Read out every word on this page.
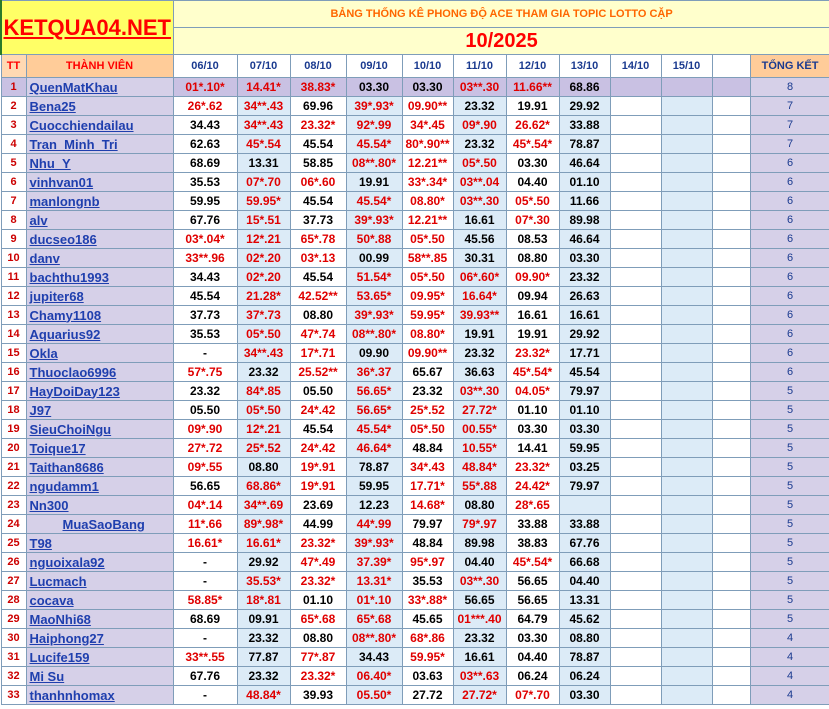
KETQUA04.NET		BẢNG THỐNG KÊ PHONG ĐỘ ACE THAM GIA TOPIC LOTTO CẶP											
		10/2025											
TT	THÀNH VIÊN	06/10	07/10	08/10	09/10	10/10	11/10	12/10	13/10	14/10	15/10		TỔNG KẾT
1	QuenMatKhau	01*.10*	14.41*	38.83*	03.30	03.30	03**.30	11.66**	68.86				8
2	Bena25	26*.62	34**.43	69.96	39*.93*	09.90**	23.32	19.91	29.92				7
3	Cuocchiendailau	34.43	34**.43	23.32*	92*.99	34*.45	09*.90	26.62*	33.88				7
4	Tran_Minh_Tri	62.63	45*.54	45.54	45.54*	80*.90**	23.32	45*.54*	78.87				7
5	Nhu_Y	68.69	13.31	58.85	08**.80*	12.21**	05*.50	03.30	46.64				6
6	vinhvan01	35.53	07*.70	06*.60	19.91	33*.34*	03**.04	04.40	01.10				6
7	manlongnb	59.95	59.95*	45.54	45.54*	08.80*	03**.30	05*.50	11.66				6
8	alv	67.76	15*.51	37.73	39*.93*	12.21**	16.61	07*.30	89.98				6
9	ducseo186	03*.04*	12*.21	65*.78	50*.88	05*.50	45.56	08.53	46.64				6
10	danv	33**.96	02*.20	03*.13	00.99	58**.85	30.31	08.80	03.30				6
11	bachthu1993	34.43	02*.20	45.54	51.54*	05*.50	06*.60*	09.90*	23.32				6
12	jupiter68	45.54	21.28*	42.52**	53.65*	09.95*	16.64*	09.94	26.63				6
13	Chamy1108	37.73	37*.73	08.80	39*.93*	59.95*	39.93**	16.61	16.61				6
14	Aquarius92	35.53	05*.50	47*.74	08**.80*	08.80*	19.91	19.91	29.92				6
15	Okla	-	34**.43	17*.71	09.90	09.90**	23.32	23.32*	17.71				6
16	Thuoclao6996	57*.75	23.32	25.52**	36*.37	65.67	36.63	45*.54*	45.54				6
17	HayDoiDay123	23.32	84*.85	05.50	56.65*	23.32	03**.30	04.05*	79.97				5
18	J97	05.50	05*.50	24*.42	56.65*	25*.52	27.72*	01.10	01.10				5
19	SieuChoiNgu	09*.90	12*.21	45.54	45.54*	05*.50	00.55*	03.30	03.30				5
20	Toique17	27*.72	25*.52	24*.42	46.64*	48.84	10.55*	14.41	59.95				5
21	Taithan8686	09*.55	08.80	19*.91	78.87	34*.43	48.84*	23.32*	03.25				5
22	ngudamm1	56.65	68.86*	19*.91	59.95	17.71*	55*.88	24.42*	79.97				5
23	Nn300	04*.14	34**.69	23.69	12.23	14.68*	08.80	28*.65					5
24	MuaSaoBang	11*.66	89*.98*	44.99	44*.99	79.97	79*.97	33.88	33.88				5
25	T98	16.61*	16.61*	23.32*	39*.93*	48.84	89.98	38.83	67.76				5
26	nguoixala92	-	29.92	47*.49	37.39*	95*.97	04.40	45*.54*	66.68				5
27	Lucmach	-	35.53*	23.32*	13.31*	35.53	03**.30	56.65	04.40				5
28	cocava	58.85*	18*.81	01.10	01*.10	33*.88*	56.65	56.65	13.31				5
29	MaoNhi68	68.69	09.91	65*.68	65*.68	45.65	01***.40	64.79	45.62				5
30	Haiphong27	-	23.32	08.80	08**.80*	68*.86	23.32	03.30	08.80				4
31	Lucife159	33**.55	77.87	77*.87	34.43	59.95*	16.61	04.40	78.87				4
32	Mi Su	67.76	23.32	23.32*	06.40*	03.63	03**.63	06.24	06.24				4
33	thanhnhomax	-	48.84*	39.93	05.50*	27.72	27.72*	07*.70	03.30				4
